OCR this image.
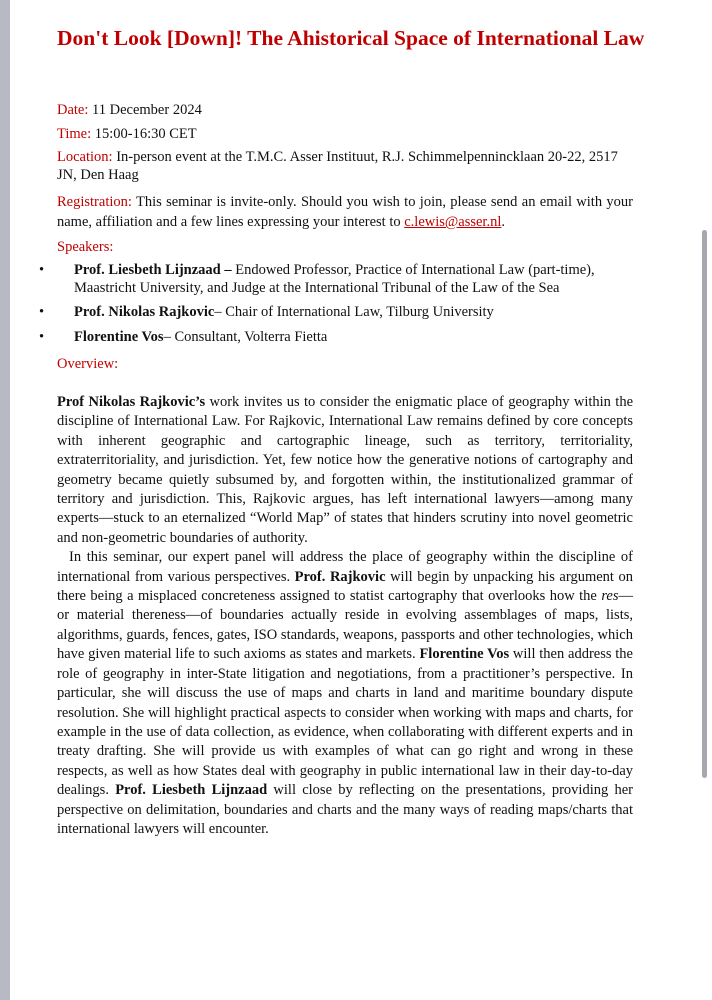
Don't Look [Down]! The Ahistorical Space of International Law

Date: 11 December 2024

Time: 15:00-16:30 CET

Location: In-person event at the T.M.C. Asser Instituut, R.J. Schimmelpennincklaan 20-22, 2517 JN, Den Haag

Registration: This seminar is invite-only. Should you wish to join, please send an email with your name, affiliation and a few lines expressing your interest to c.lewis@asser.nl.

Speakers:

• Prof. Liesbeth Lijnzaad – Endowed Professor, Practice of International Law (part-time), Maastricht University, and Judge at the International Tribunal of the Law of the Sea
• Prof. Nikolas Rajkovic– Chair of International Law, Tilburg University
• Florentine Vos– Consultant, Volterra Fietta

Overview:

Prof Nikolas Rajkovic’s work invites us to consider the enigmatic place of geography within the discipline of International Law. For Rajkovic, International Law remains defined by core concepts with inherent geographic and cartographic lineage, such as territory, territoriality, extraterritoriality, and jurisdiction. Yet, few notice how the generative notions of cartography and geometry became quietly subsumed by, and forgotten within, the institutionalized grammar of territory and jurisdiction. This, Rajkovic argues, has left international lawyers—among many experts—stuck to an eternalized “World Map” of states that hinders scrutiny into novel geometric and non-geometric boundaries of authority.

In this seminar, our expert panel will address the place of geography within the discipline of international from various perspectives. Prof. Rajkovic will begin by unpacking his argument on there being a misplaced concreteness assigned to statist cartography that overlooks how the res—or material thereness—of boundaries actually reside in evolving assemblages of maps, lists, algorithms, guards, fences, gates, ISO standards, weapons, passports and other technologies, which have given material life to such axioms as states and markets. Florentine Vos will then address the role of geography in inter-State litigation and negotiations, from a practitioner’s perspective. In particular, she will discuss the use of maps and charts in land and maritime boundary dispute resolution. She will highlight practical aspects to consider when working with maps and charts, for example in the use of data collection, as evidence, when collaborating with different experts and in treaty drafting. She will provide us with examples of what can go right and wrong in these respects, as well as how States deal with geography in public international law in their day-to-day dealings. Prof. Liesbeth Lijnzaad will close by reflecting on the presentations, providing her perspective on delimitation, boundaries and charts and the many ways of reading maps/charts that international lawyers will encounter.
